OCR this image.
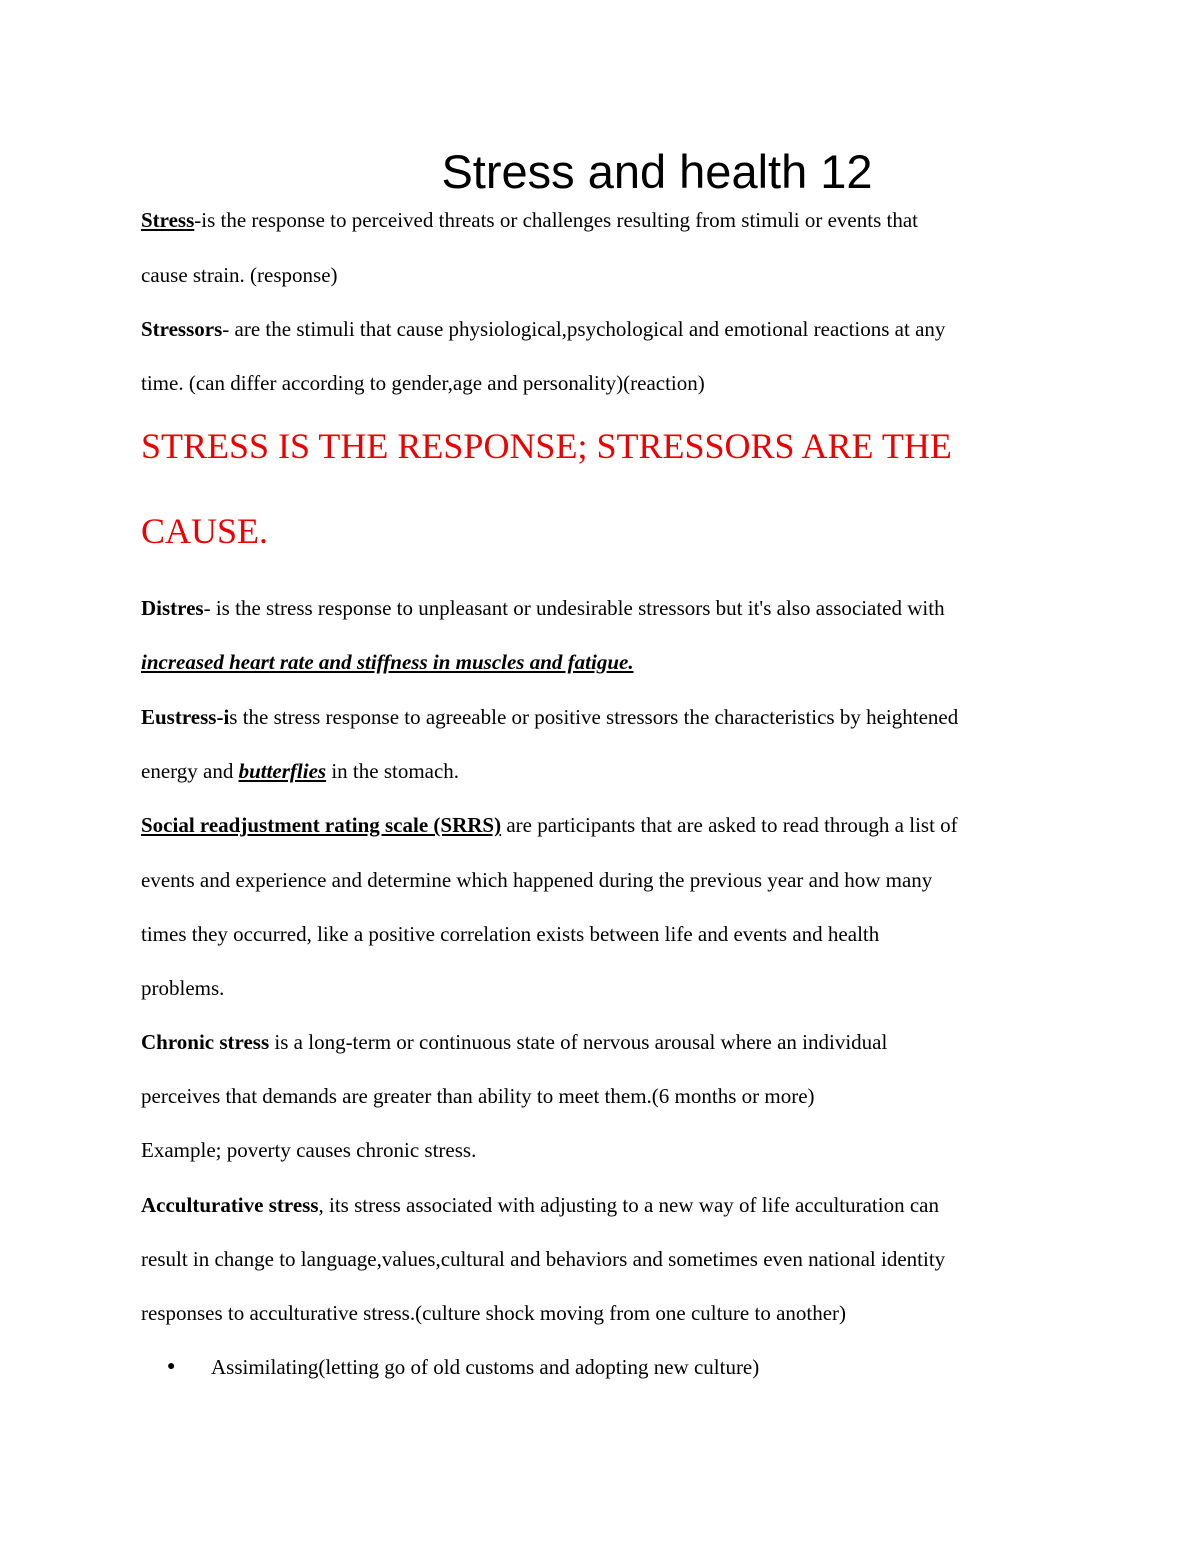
Stress and health 12
Stress-is the response to perceived threats or challenges resulting from stimuli or events that
cause strain. (response)
Stressors- are the stimuli that cause physiological,psychological and emotional reactions at any
time. (can differ according to gender,age and personality)(reaction)
STRESS IS THE RESPONSE; STRESSORS ARE THE
CAUSE.
Distres- is the stress response to unpleasant or undesirable stressors but it's also associated with
increased heart rate and stiffness in muscles and fatigue.
Eustress-is the stress response to agreeable or positive stressors the characteristics by heightened
energy and butterflies in the stomach.
Social readjustment rating scale (SRRS) are participants that are asked to read through a list of
events and experience and determine which happened during the previous year and how many
times they occurred, like a positive correlation exists between life and events and health
problems.
Chronic stress is a long-term or continuous state of nervous arousal where an individual
perceives that demands are greater than ability to meet them.(6 months or more)
Example; poverty causes chronic stress.
Acculturative stress, its stress associated with adjusting to a new way of life acculturation can
result in change to language,values,cultural and behaviors and sometimes even national identity
responses to acculturative stress.(culture shock moving from one culture to another)
● Assimilating(letting go of old customs and adopting new culture)
